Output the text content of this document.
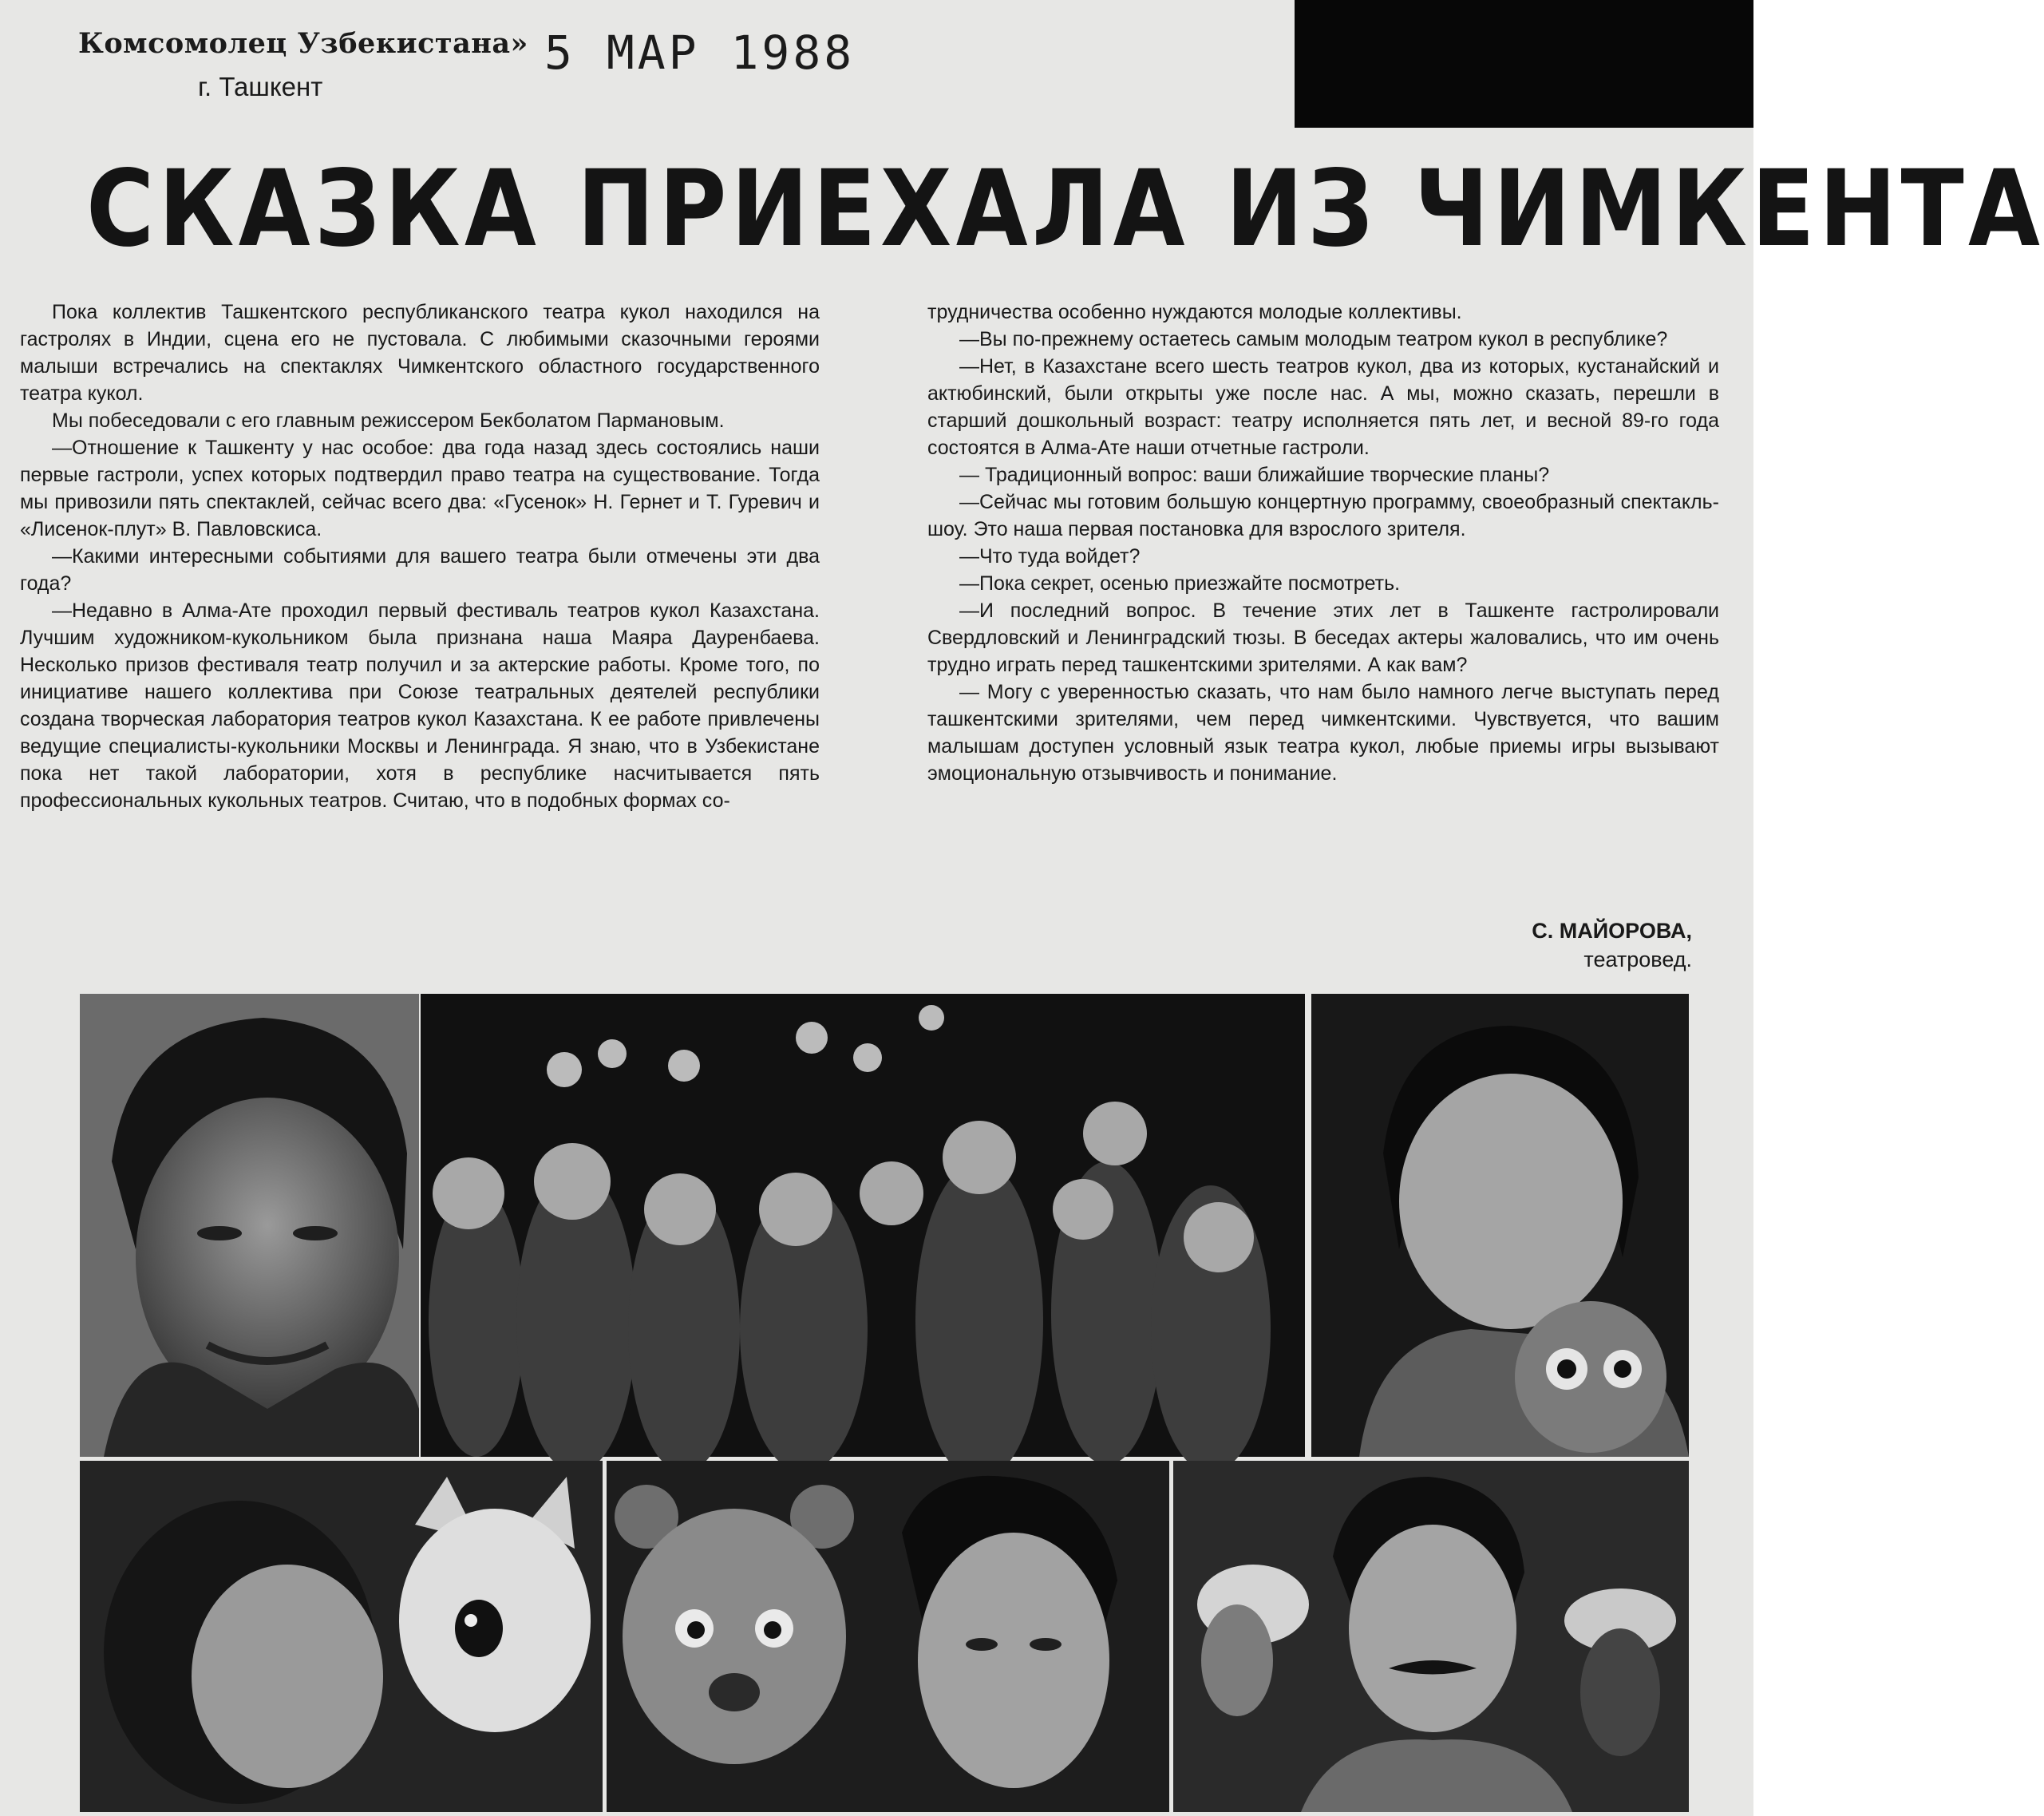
Комсомолец Узбекистана»
г. Ташкент
5 МАР 1988
СКАЗКА ПРИЕХАЛА ИЗ ЧИМКЕНТА

Пока коллектив Ташкентского республиканского театра кукол находился на гастролях в Индии, сцена его не пустовала. С любимыми сказочными героями малыши встречались на спектаклях Чимкентского областного государственного театра кукол.

Мы побеседовали с его главным режиссером Бекболатом Пармановым.

—Отношение к Ташкенту у нас особое: два года назад здесь состоялись наши первые гастроли, успех которых подтвердил право театра на существование. Тогда мы привозили пять спектаклей, сейчас всего два: «Гусенок» Н. Гернет и Т. Гуревич и «Лисенок-плут» В. Павловскиса.

—Какими интересными событиями для вашего театра были отмечены эти два года?

—Недавно в Алма-Ате проходил первый фестиваль театров кукол Казахстана. Лучшим художником-кукольником была признана наша Маяра Дауренбаева. Несколько призов фестиваля театр получил и за актерские работы. Кроме того, по инициативе нашего коллектива при Союзе театральных деятелей республики создана творческая лаборатория театров кукол Казахстана. К ее работе привлечены ведущие специалисты-кукольники Москвы и Ленинграда. Я знаю, что в Узбекистане пока нет такой лаборатории, хотя в республике насчитывается пять профессиональных кукольных театров. Считаю, что в подобных формах со-

трудничества особенно нуждаются молодые коллективы.

—Вы по-прежнему остаетесь самым молодым театром кукол в республике?

—Нет, в Казахстане всего шесть театров кукол, два из которых, кустанайский и актюбинский, были открыты уже после нас. А мы, можно сказать, перешли в старший дошкольный возраст: театру исполняется пять лет, и весной 89-го года состоятся в Алма-Ате наши отчетные гастроли.

— Традиционный вопрос: ваши ближайшие творческие планы?

—Сейчас мы готовим большую концертную программу, своеобразный спектакль-шоу. Это наша первая постановка для взрослого зрителя.

—Что туда войдет?

—Пока секрет, осенью приезжайте посмотреть.

—И последний вопрос. В течение этих лет в Ташкенте гастролировали Свердловский и Ленинградский тюзы. В беседах актеры жаловались, что им очень трудно играть перед ташкентскими зрителями. А как вам?

— Могу с уверенностью сказать, что нам было намного легче выступать перед ташкентскими зрителями, чем перед чимкентскими. Чувствуется, что вашим малышам доступен условный язык театра кукол, любые приемы игры вызывают эмоциональную отзывчивость и понимание.

С. МАЙОРОВА,
театровед.
